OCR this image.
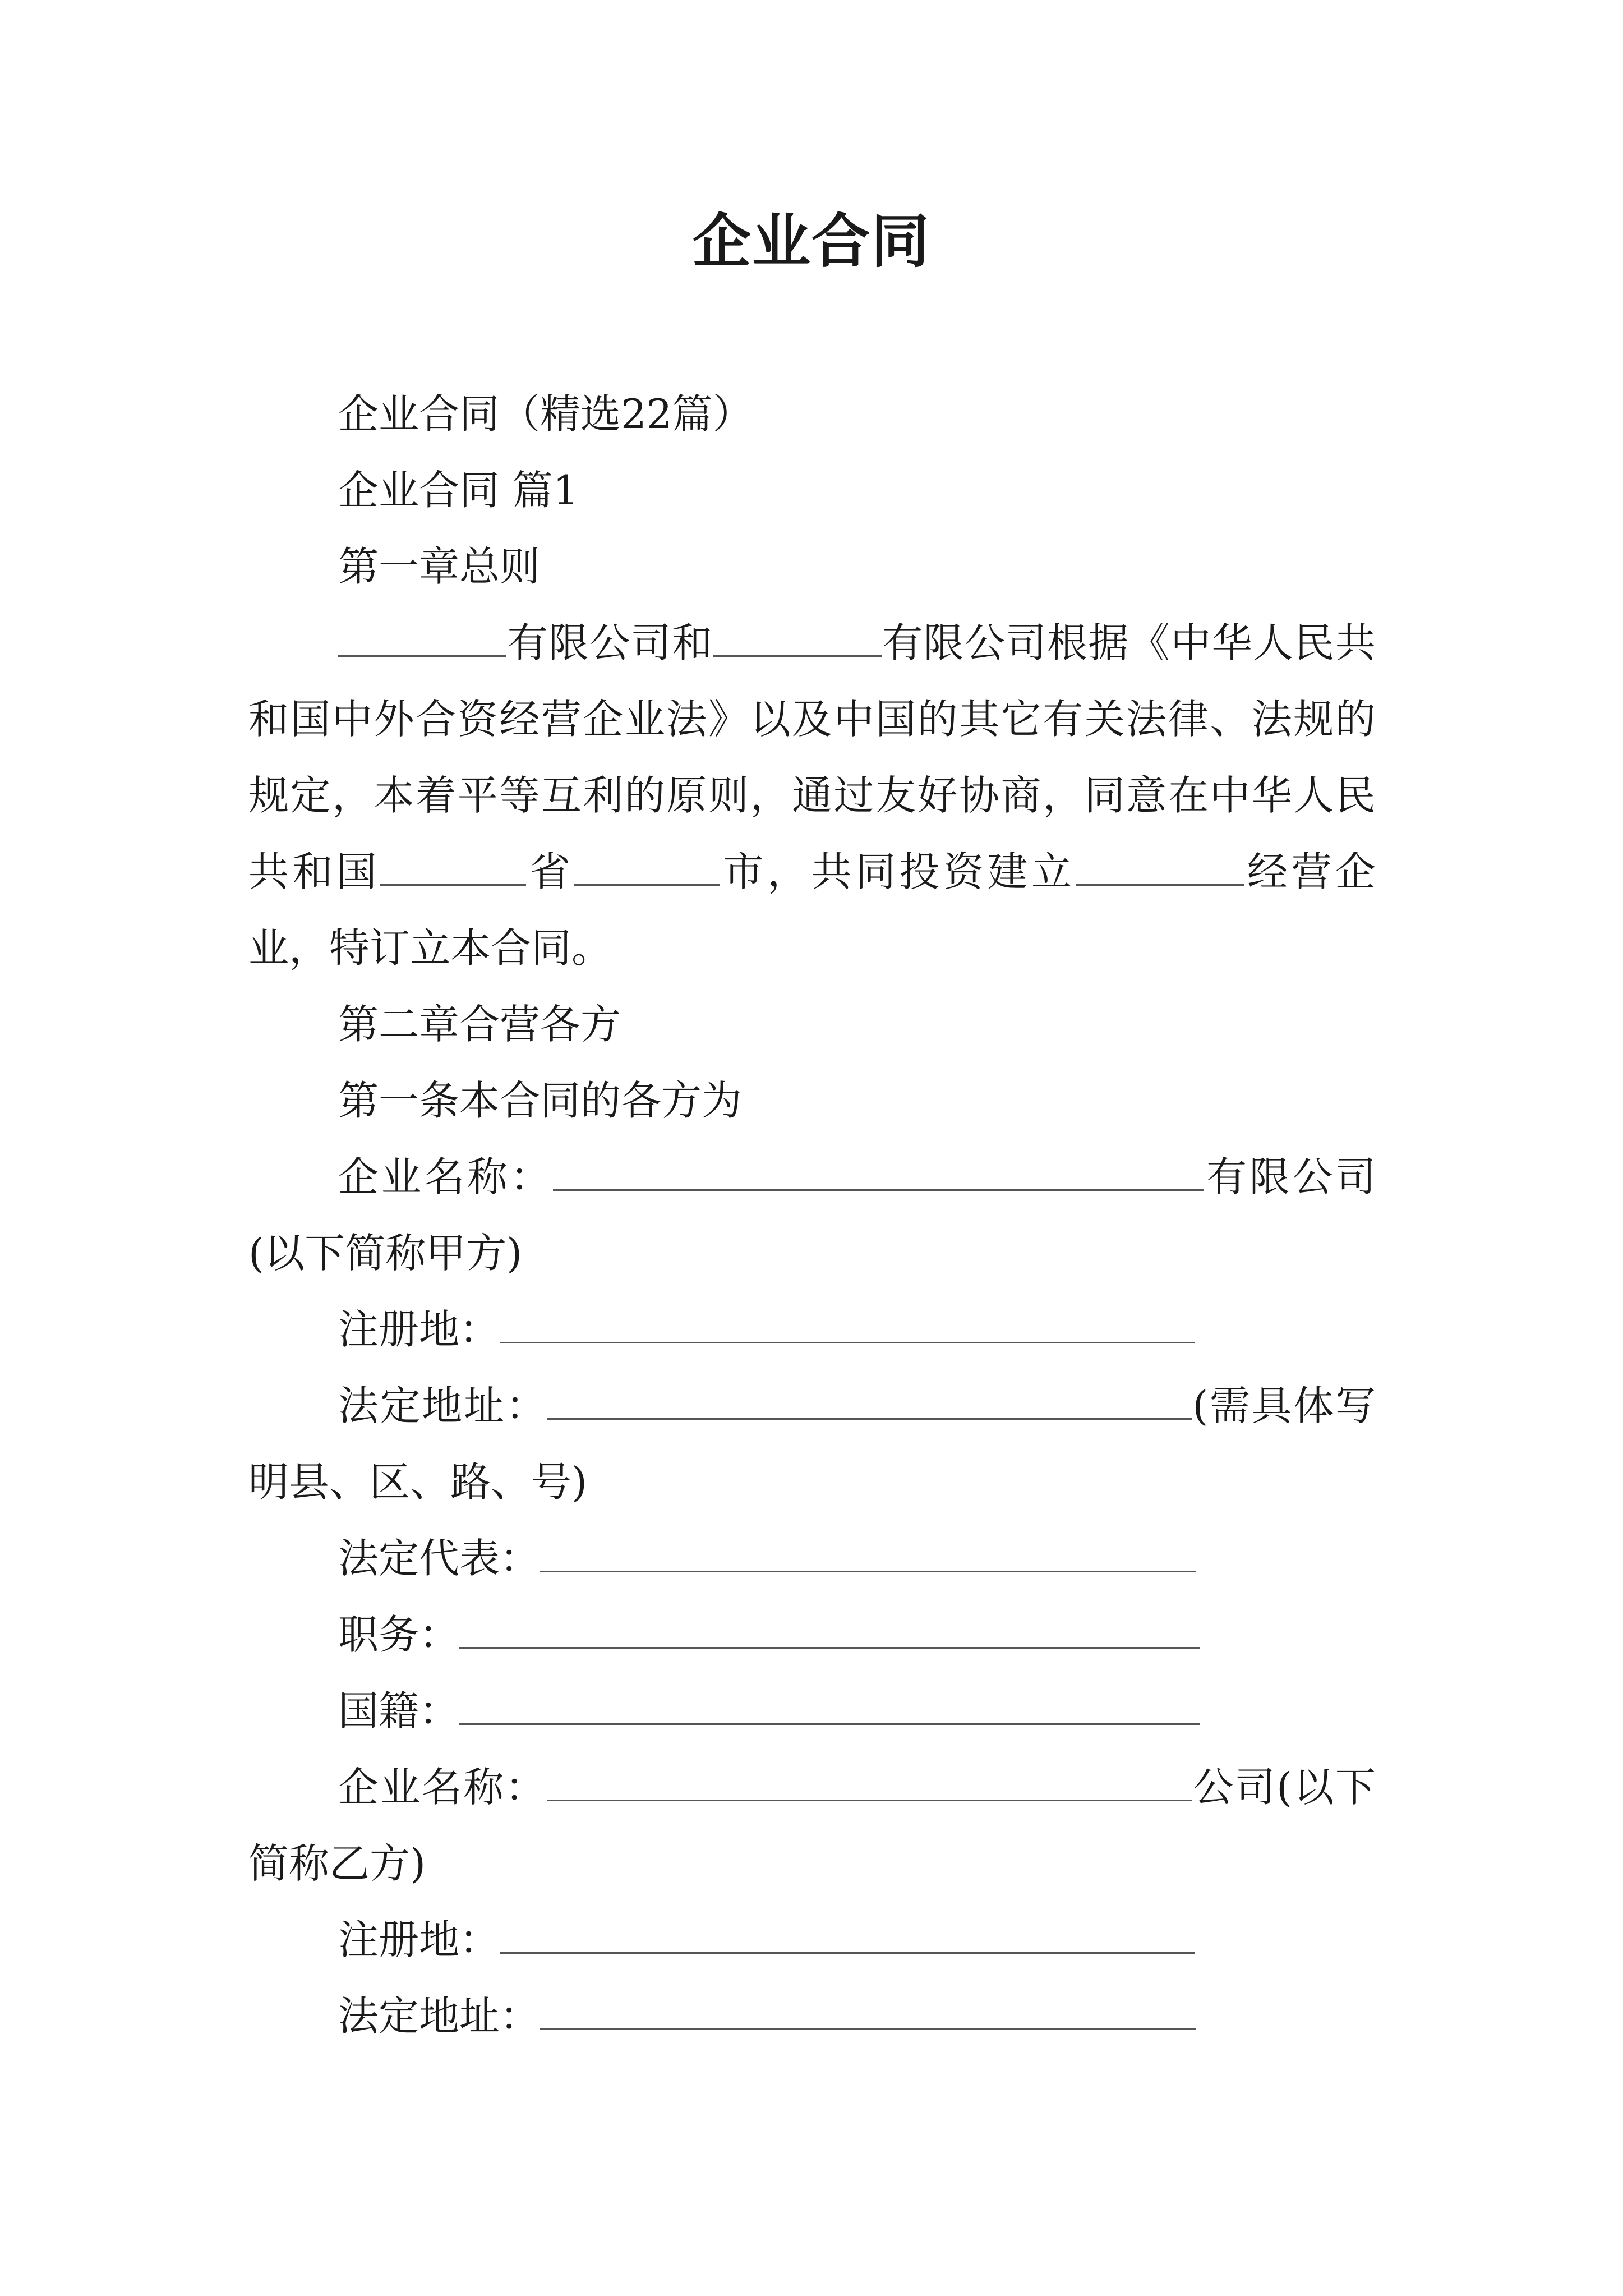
企业合同

企业合同（精选22篇）

企业合同 篇1

第一章总则

有限公司和	有限公司根据《中华人民共和国中外合资经营企业法》以及中国的其它有关法律、法规的规定，本着平等互利的原则，通过友好协商，同意在中华人民共和国	省	市，共同投资建立	经营企业，特订立本合同。

第二章合营各方

第一条本合同的各方为

企业名称：	有限公司(以下简称甲方)

注册地：

法定地址：	(需具体写明县、区、路、号)

法定代表：

职务：

国籍：

企业名称：	公司(以下简称乙方)

注册地：

法定地址：
